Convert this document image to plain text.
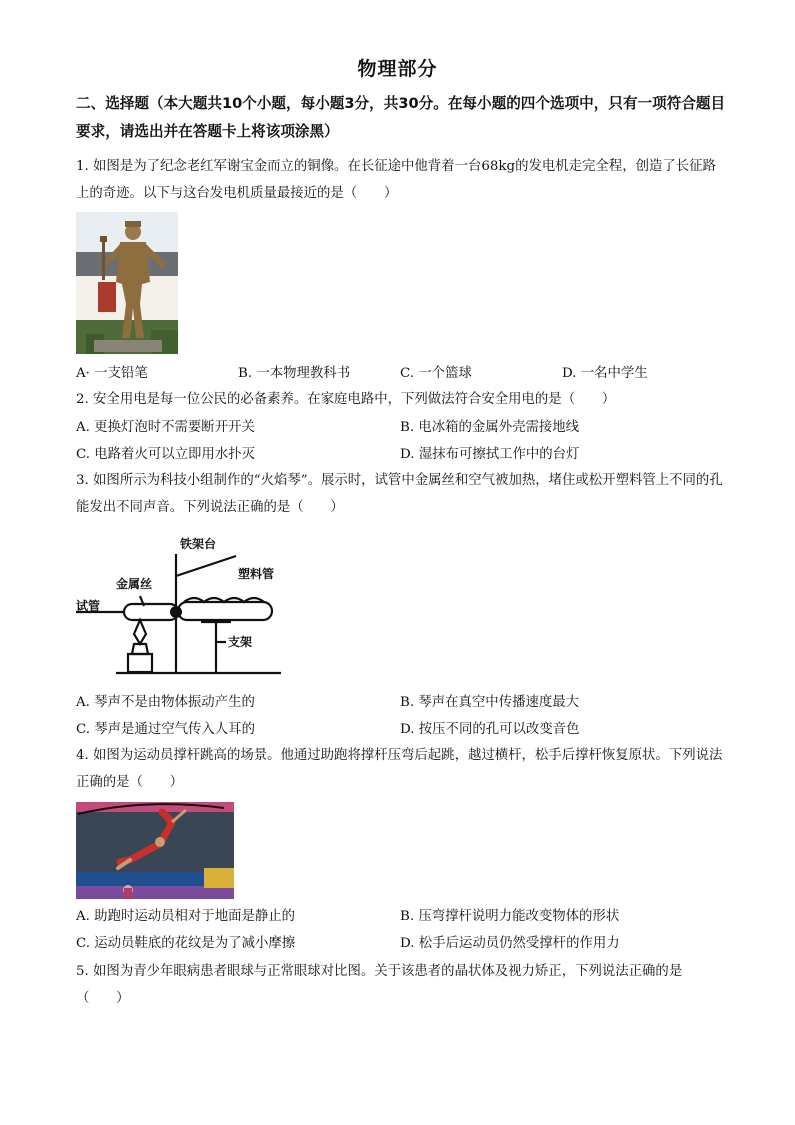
物理部分
二、选择题（本大题共10个小题，每小题3分，共30分。在每小题的四个选项中，只有一项符合题目要求，请选出并在答题卡上将该项涂黑）
1. 如图是为了纪念老红军谢宝金而立的铜像。在长征途中他背着一台68kg的发电机走完全程，创造了长征路上的奇迹。以下与这台发电机质量最接近的是（　　）
A· 一支铅笔	B. 一本物理教科书	C. 一个篮球	D. 一名中学生
2. 安全用电是每一位公民的必备素养。在家庭电路中，下列做法符合安全用电的是（　　）
A. 更换灯泡时不需要断开开关	B. 电冰箱的金属外壳需接地线
C. 电路着火可以立即用水扑灭	D. 湿抹布可擦拭工作中的台灯
3. 如图所示为科技小组制作的“火焰琴”。展示时，试管中金属丝和空气被加热，堵住或松开塑料管上不同的孔能发出不同声音。下列说法正确的是（　　）
铁架台
塑料管
金属丝
试管
支架
A. 琴声不是由物体振动产生的	B. 琴声在真空中传播速度最大
C. 琴声是通过空气传入人耳的	D. 按压不同的孔可以改变音色
4. 如图为运动员撑杆跳高的场景。他通过助跑将撑杆压弯后起跳，越过横杆，松手后撑杆恢复原状。下列说法正确的是（　　）
A. 助跑时运动员相对于地面是静止的	B. 压弯撑杆说明力能改变物体的形状
C. 运动员鞋底的花纹是为了减小摩擦	D. 松手后运动员仍然受撑杆的作用力
5. 如图为青少年眼病患者眼球与正常眼球对比图。关于该患者的晶状体及视力矫正，下列说法正确的是（　　）
